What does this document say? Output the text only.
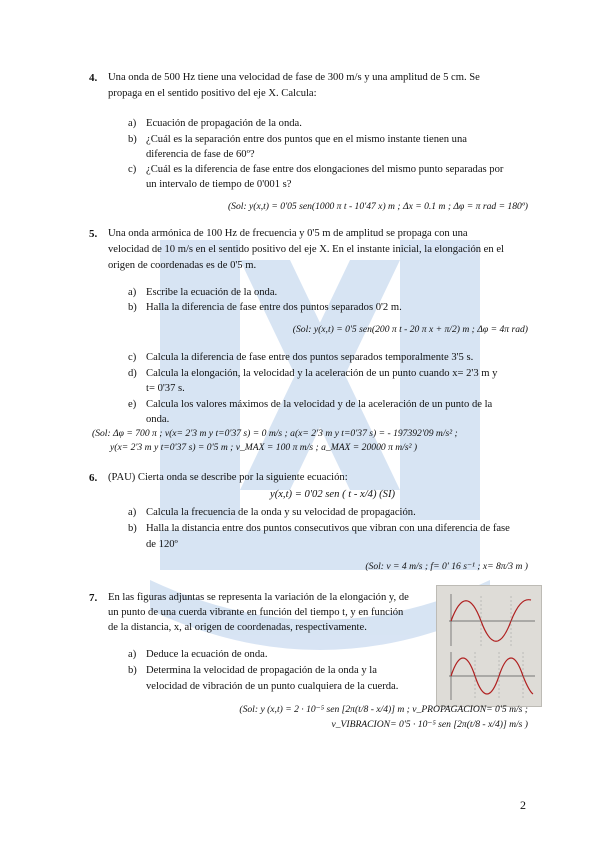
4. Una onda de 500 Hz tiene una velocidad de fase de 300 m/s y una amplitud de 5 cm. Se
propaga en el sentido positivo del eje X. Calcula:
a) Ecuación de propagación de la onda.
b) ¿Cuál es la separación entre dos puntos que en el mismo instante tienen una
diferencia de fase de 60º?
c) ¿Cuál es la diferencia de fase entre dos elongaciones del mismo punto separadas por
un intervalo de tiempo de 0'001 s?
(Sol: y(x,t) = 0'05 sen(1000 π t - 10'47 x) m ; Δx = 0.1 m ; Δφ = π rad = 180º)
5. Una onda armónica de 100 Hz de frecuencia y 0'5 m de amplitud se propaga con una
velocidad de 10 m/s en el sentido positivo del eje X. En el instante inicial, la elongación en el
origen de coordenadas es de 0'5 m.
a) Escribe la ecuación de la onda.
b) Halla la diferencia de fase entre dos puntos separados 0'2 m.
(Sol: y(x,t) = 0'5 sen(200 π t - 20 π x + π/2) m ; Δφ = 4π rad)
c) Calcula la diferencia de fase entre dos puntos separados temporalmente 3'5 s.
d) Calcula la elongación, la velocidad y la aceleración de un punto cuando x= 2'3 m y
t= 0'37 s.
e) Calcula los valores máximos de la velocidad y de la aceleración de un punto de la
onda.
(Sol: Δφ = 700 π ; v(x= 2'3 m y t=0'37 s) = 0 m/s ; a(x= 2'3 m y t=0'37 s) = - 197392'09 m/s² ;
y(x= 2'3 m y t=0'37 s) = 0'5 m ; v_MAX = 100 π m/s ; a_MAX = 20000 π m/s² )
6. (PAU) Cierta onda se describe por la siguiente ecuación:
y(x,t) = 0'02 sen ( t - x/4) (SI)
a) Calcula la frecuencia de la onda y su velocidad de propagación.
b) Halla la distancia entre dos puntos consecutivos que vibran con una diferencia de fase
de 120º
(Sol: v = 4 m/s ; f= 0' 16 s⁻¹ ; x= 8π/3 m )
7. En las figuras adjuntas se representa la variación de la elongación y, de
un punto de una cuerda vibrante en función del tiempo t, y en función
de la distancia, x, al origen de coordenadas, respectivamente.
a) Deduce la ecuación de onda.
b) Determina la velocidad de propagación de la onda y la
velocidad de vibración de un punto cualquiera de la cuerda.
(Sol: y (x,t) = 2 · 10⁻⁵ sen [2π(t/8 - x/4)] m ; v_PROPAGACION= 0'5 m/s ;
v_VIBRACION= 0'5 · 10⁻⁵ sen [2π(t/8 - x/4)] m/s )
2
